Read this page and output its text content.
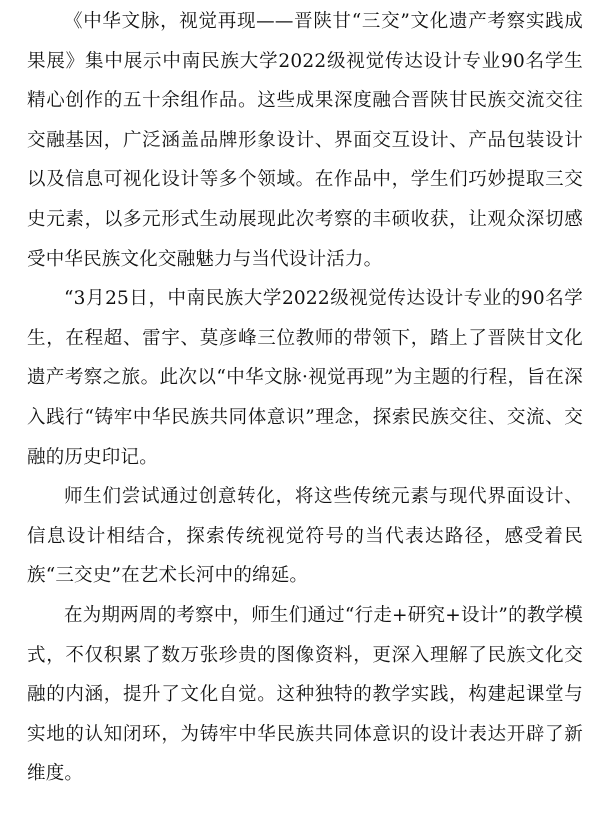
《中华文脉，视觉再现——晋陕甘“三交”文化遗产考察实践成果展》集中展示中南民族大学2022级视觉传达设计专业90名学生精心创作的五十余组作品。这些成果深度融合晋陕甘民族交流交往交融基因，广泛涵盖品牌形象设计、界面交互设计、产品包装设计以及信息可视化设计等多个领域。在作品中，学生们巧妙提取三交史元素，以多元形式生动展现此次考察的丰硕收获，让观众深切感受中华民族文化交融魅力与当代设计活力。

“3月25日，中南民族大学2022级视觉传达设计专业的90名学生，在程超、雷宇、莫彦峰三位教师的带领下，踏上了晋陕甘文化遗产考察之旅。此次以“中华文脉·视觉再现”为主题的行程，旨在深入践行“铸牢中华民族共同体意识”理念，探索民族交往、交流、交融的历史印记。

师生们尝试通过创意转化，将这些传统元素与现代界面设计、信息设计相结合，探索传统视觉符号的当代表达路径，感受着民族“三交史”在艺术长河中的绵延。

在为期两周的考察中，师生们通过“行走+研究+设计”的教学模式，不仅积累了数万张珍贵的图像资料，更深入理解了民族文化交融的内涵，提升了文化自觉。这种独特的教学实践，构建起课堂与实地的认知闭环，为铸牢中华民族共同体意识的设计表达开辟了新维度。
